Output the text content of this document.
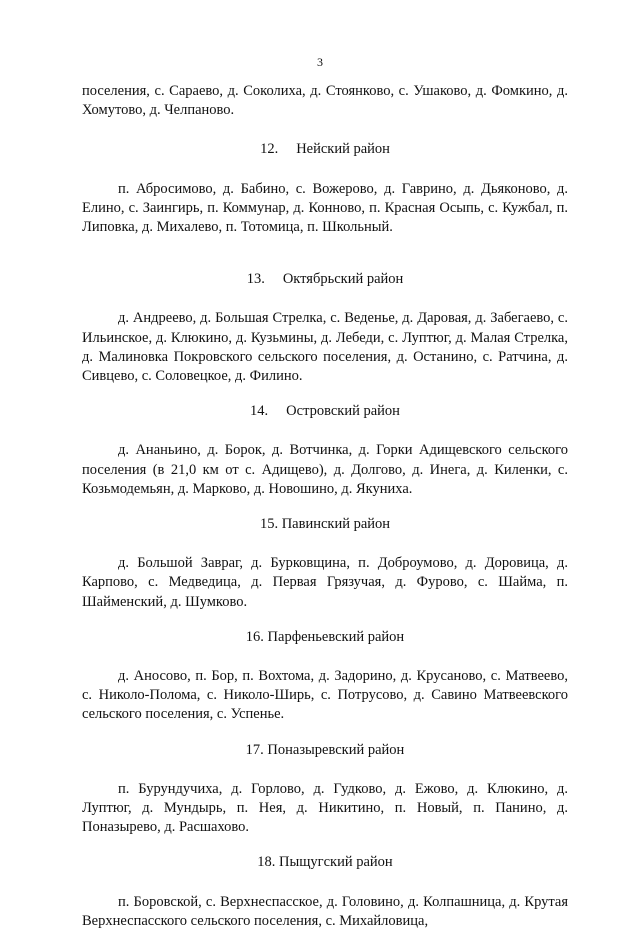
3

поселения, с. Сараево, д. Соколиха, д. Стоянково, с. Ушаково, д. Фомкино, д. Хомутово, д. Челпаново.

12. Нейский район

п. Абросимово, д. Бабино, с. Вожерово, д. Гаврино, д. Дьяконово, д. Елино, с. Заингирь, п. Коммунар, д. Конново, п. Красная Осыпь, с. Кужбал, п. Липовка, д. Михалево, п. Тотомица, п. Школьный.

13. Октябрьский район

д. Андреево, д. Большая Стрелка, с. Веденье, д. Даровая, д. Забегаево, с. Ильинское, д. Клюкино, д. Кузьмины, д. Лебеди, с. Луптюг, д. Малая Стрелка, д. Малиновка Покровского сельского поселения, д. Останино, с. Ратчина, д. Сивцево, с. Соловецкое, д. Филино.

14. Островский район

д. Ананьино, д. Борок, д. Вотчинка, д. Горки Адищевского сельского поселения (в 21,0 км от с. Адищево), д. Долгово, д. Инега, д. Киленки, с. Козьмодемьян, д. Марково, д. Новошино, д. Якуниха.

15. Павинский район

д. Большой Завраг, д. Бурковщина, п. Доброумово, д. Доровица, д. Карпово, с. Медведица, д. Первая Грязучая, д. Фурово, с. Шайма, п. Шайменский, д. Шумково.

16. Парфеньевский район

д. Аносово, п. Бор, п. Вохтома, д. Задорино, д. Крусаново, с. Матвеево, с. Николо-Полома, с. Николо-Ширь, с. Потрусово, д. Савино Матвеевского сельского поселения, с. Успенье.

17. Поназыревский район

п. Бурундучиха, д. Горлово, д. Гудково, д. Ежово, д. Клюкино, д. Луптюг, д. Мундырь, п. Нея, д. Никитино, п. Новый, п. Панино, д. Поназырево, д. Расшахово.

18. Пыщугский район

п. Боровской, с. Верхнеспасское, д. Головино, д. Колпашница, д. Крутая Верхнеспасского сельского поселения, с. Михайловица,
